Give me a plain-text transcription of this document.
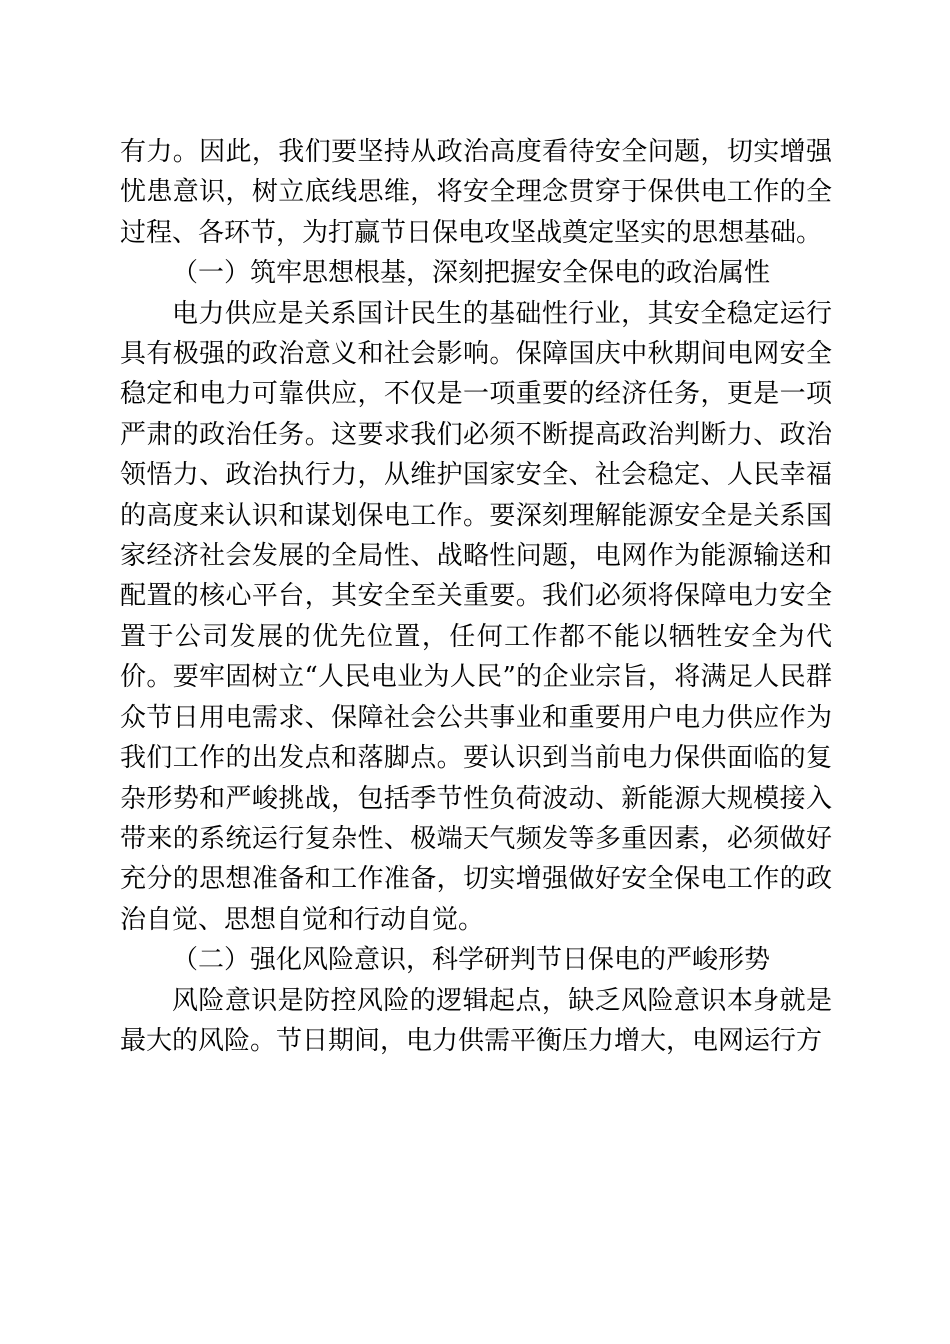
有力。因此，我们要坚持从政治高度看待安全问题，切实增强忧患意识，树立底线思维，将安全理念贯穿于保供电工作的全过程、各环节，为打赢节日保电攻坚战奠定坚实的思想基础。

（一）筑牢思想根基，深刻把握安全保电的政治属性

电力供应是关系国计民生的基础性行业，其安全稳定运行具有极强的政治意义和社会影响。保障国庆中秋期间电网安全稳定和电力可靠供应，不仅是一项重要的经济任务，更是一项严肃的政治任务。这要求我们必须不断提高政治判断力、政治领悟力、政治执行力，从维护国家安全、社会稳定、人民幸福的高度来认识和谋划保电工作。要深刻理解能源安全是关系国家经济社会发展的全局性、战略性问题，电网作为能源输送和配置的核心平台，其安全至关重要。我们必须将保障电力安全置于公司发展的优先位置，任何工作都不能以牺牲安全为代价。要牢固树立“人民电业为人民”的企业宗旨，将满足人民群众节日用电需求、保障社会公共事业和重要用户电力供应作为我们工作的出发点和落脚点。要认识到当前电力保供面临的复杂形势和严峻挑战，包括季节性负荷波动、新能源大规模接入带来的系统运行复杂性、极端天气频发等多重因素，必须做好充分的思想准备和工作准备，切实增强做好安全保电工作的政治自觉、思想自觉和行动自觉。

（二）强化风险意识，科学研判节日保电的严峻形势

风险意识是防控风险的逻辑起点，缺乏风险意识本身就是最大的风险。节日期间，电力供需平衡压力增大，电网运行方
